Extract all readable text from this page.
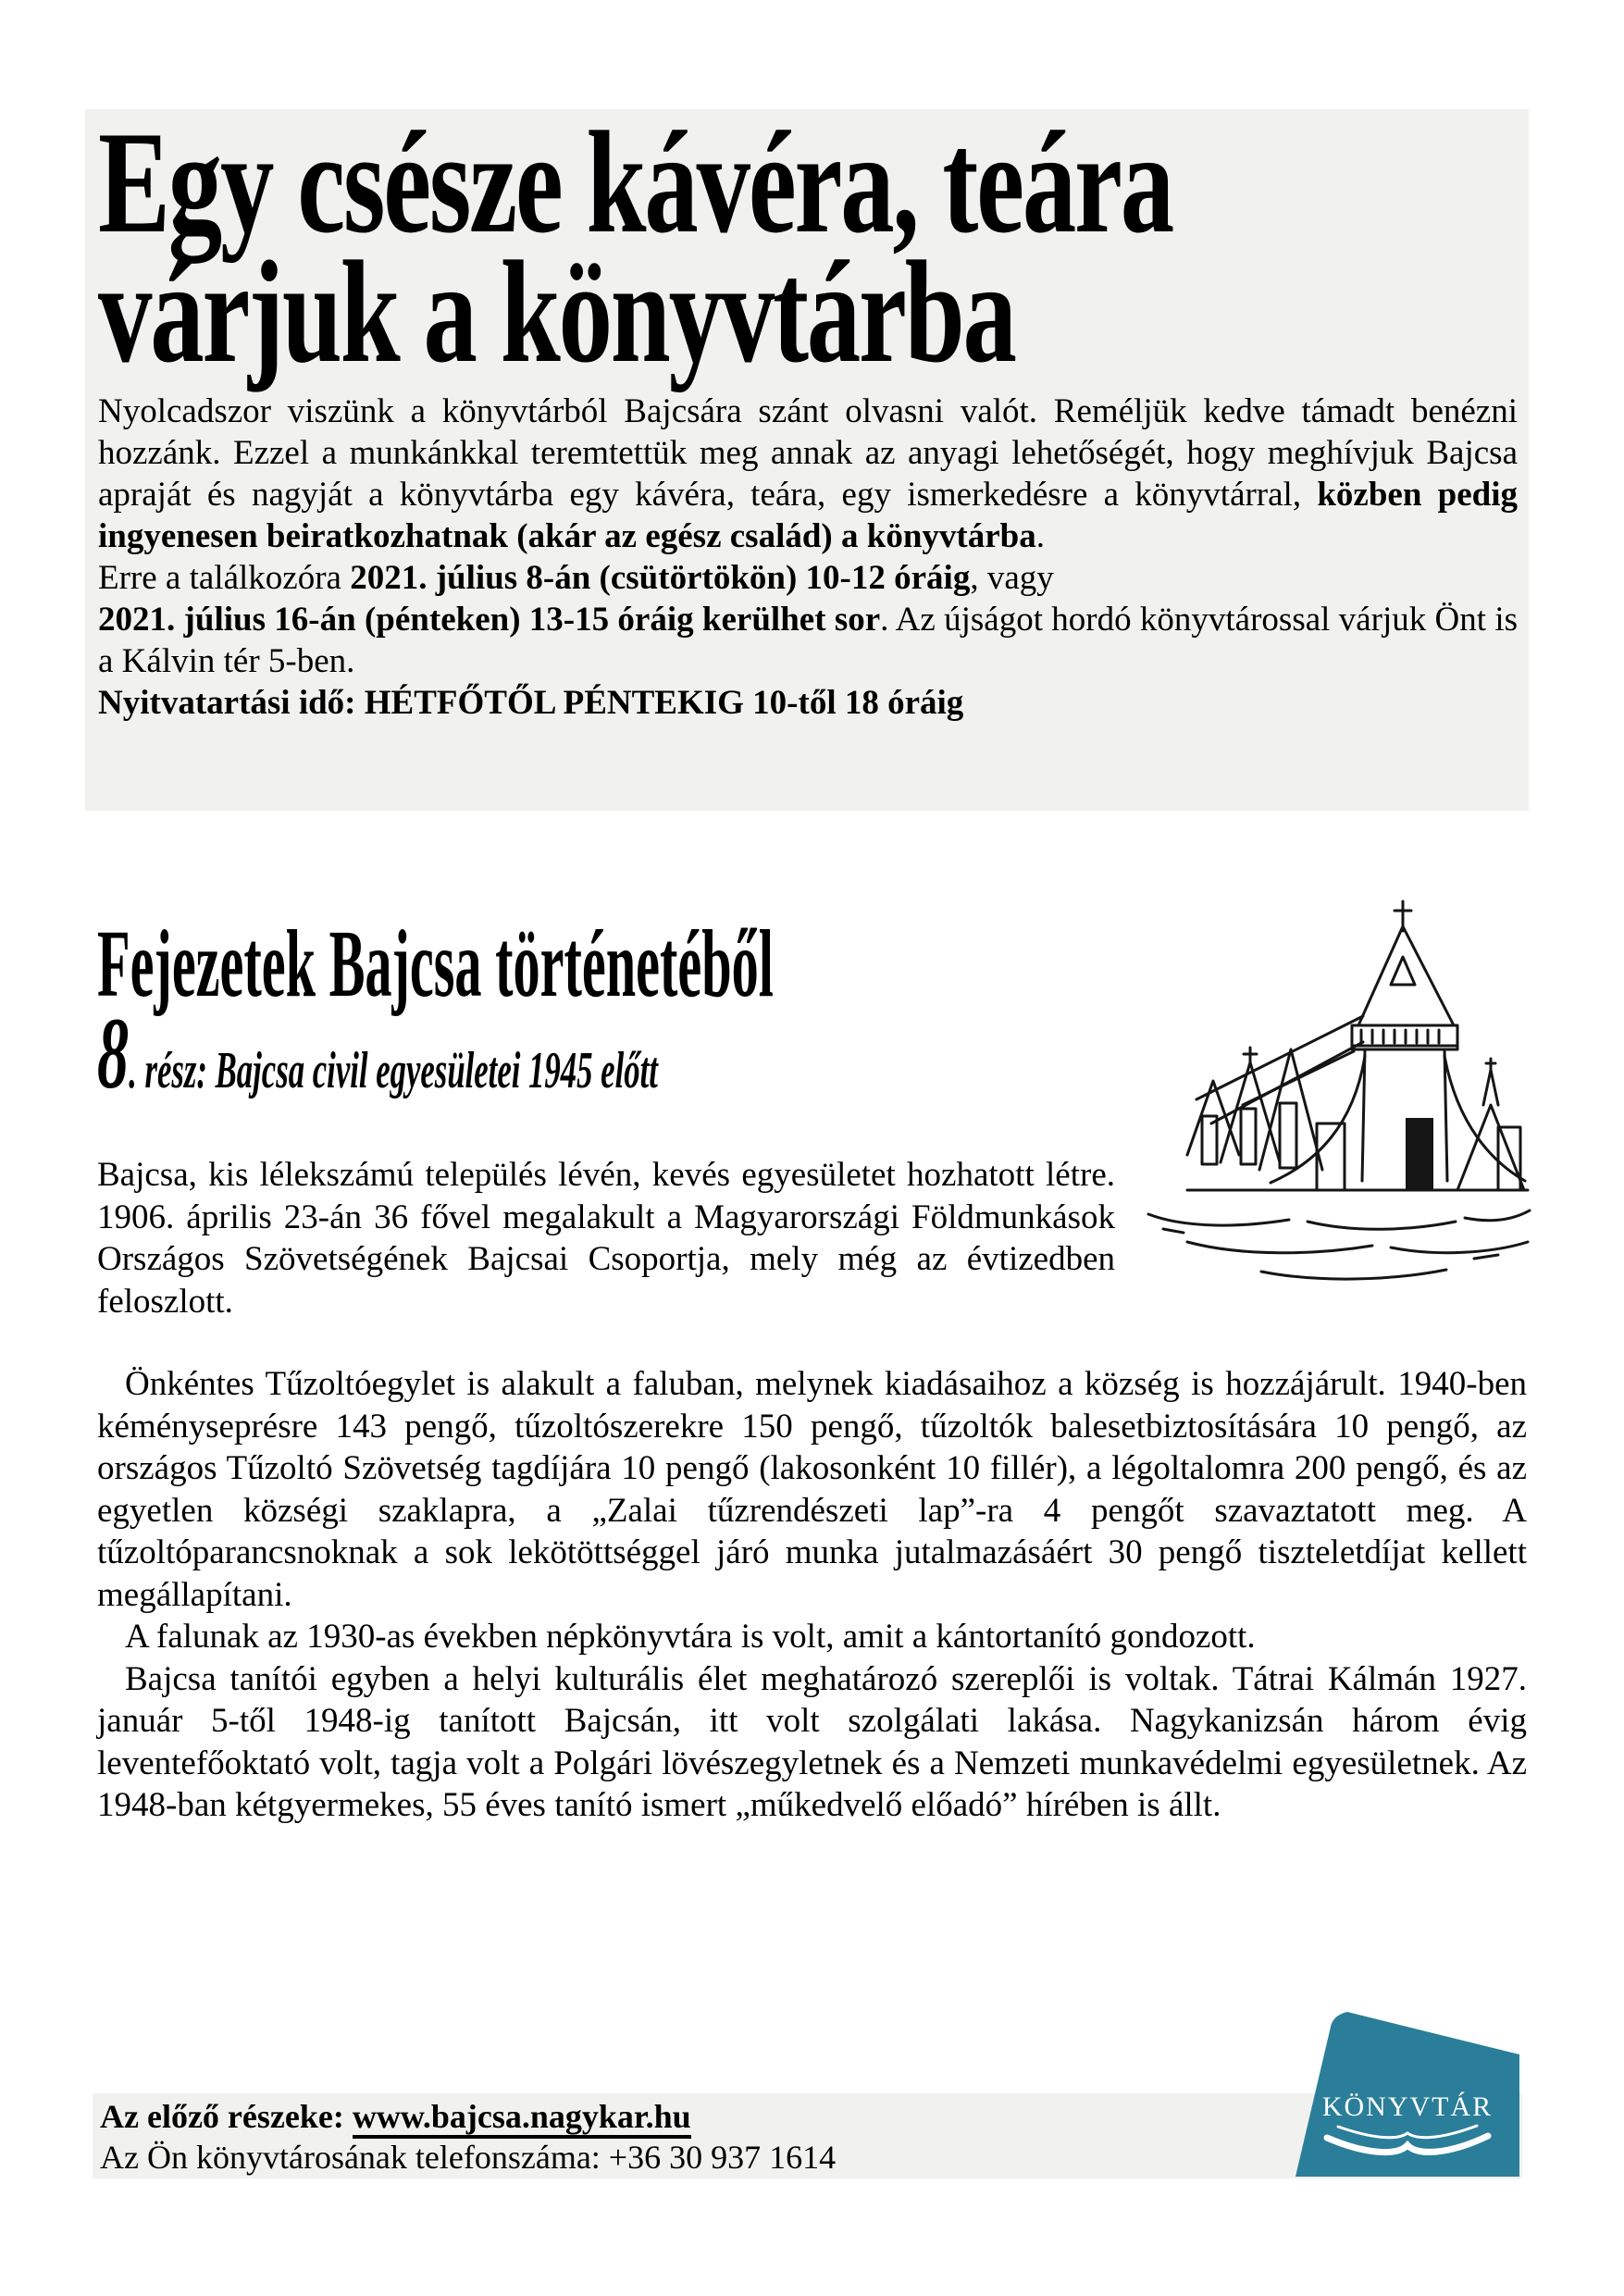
Egy csésze kávéra, teára
várjuk a könyvtárba

Nyolcadszor viszünk a könyvtárból Bajcsára szánt olvasni valót. Reméljük kedve támadt benézni hozzánk. Ezzel a munkánkkal teremtettük meg annak az anyagi lehetőségét, hogy meghívjuk Bajcsa apraját és nagyját a könyvtárba egy kávéra, teára, egy ismerkedésre a könyvtárral, közben pedig ingyenesen beiratkozhatnak (akár az egész család) a könyvtárba.

Erre a találkozóra 2021. július 8-án (csütörtökön) 10-12 óráig, vagy
2021. július 16-án (pénteken) 13-15 óráig kerülhet sor. Az újságot hordó könyvtárossal várjuk Önt is a Kálvin tér 5-ben.
Nyitvatartási idő: HÉTFŐTŐL PÉNTEKIG 10-től 18 óráig
Fejezetek Bajcsa történetéből
8. rész: Bajcsa civil egyesületei 1945 előtt

Bajcsa, kis lélekszámú település lévén, kevés egyesületet hozhatott létre. 1906. április 23-án 36 fővel megalakult a Magyarországi Földmunkások Országos Szövetségének Bajcsai Csoportja, mely még az évtizedben feloszlott.

Önkéntes Tűzoltóegylet is alakult a faluban, melynek kiadásaihoz a község is hozzájárult. 1940-ben kéményseprésre 143 pengő, tűzoltószerekre 150 pengő, tűzoltók balesetbiztosítására 10 pengő, az országos Tűzoltó Szövetség tagdíjára 10 pengő (lakosonként 10 fillér), a légoltalomra 200 pengő, és az egyetlen községi szaklapra, a „Zalai tűzrendészeti lap”-ra 4 pengőt szavaztatott meg. A tűzoltóparancsnoknak a sok lekötöttséggel járó munka jutalmazásáért 30 pengő tiszteletdíjat kellett megállapítani.

A falunak az 1930-as években népkönyvtára is volt, amit a kántortanító gondozott.

Bajcsa tanítói egyben a helyi kulturális élet meghatározó szereplői is voltak. Tátrai Kálmán 1927. január 5-től 1948-ig tanított Bajcsán, itt volt szolgálati lakása. Nagykanizsán három évig leventefőoktató volt, tagja volt a Polgári lövészegyletnek és a Nemzeti munkavédelmi egyesületnek. Az 1948-ban kétgyermekes, 55 éves tanító ismert „műkedvelő előadó” hírében is állt.

Az előző részeke: www.bajcsa.nagykar.hu
Az Ön könyvtárosának telefonszáma: +36 30 937 1614
KÖNYVTÁR
